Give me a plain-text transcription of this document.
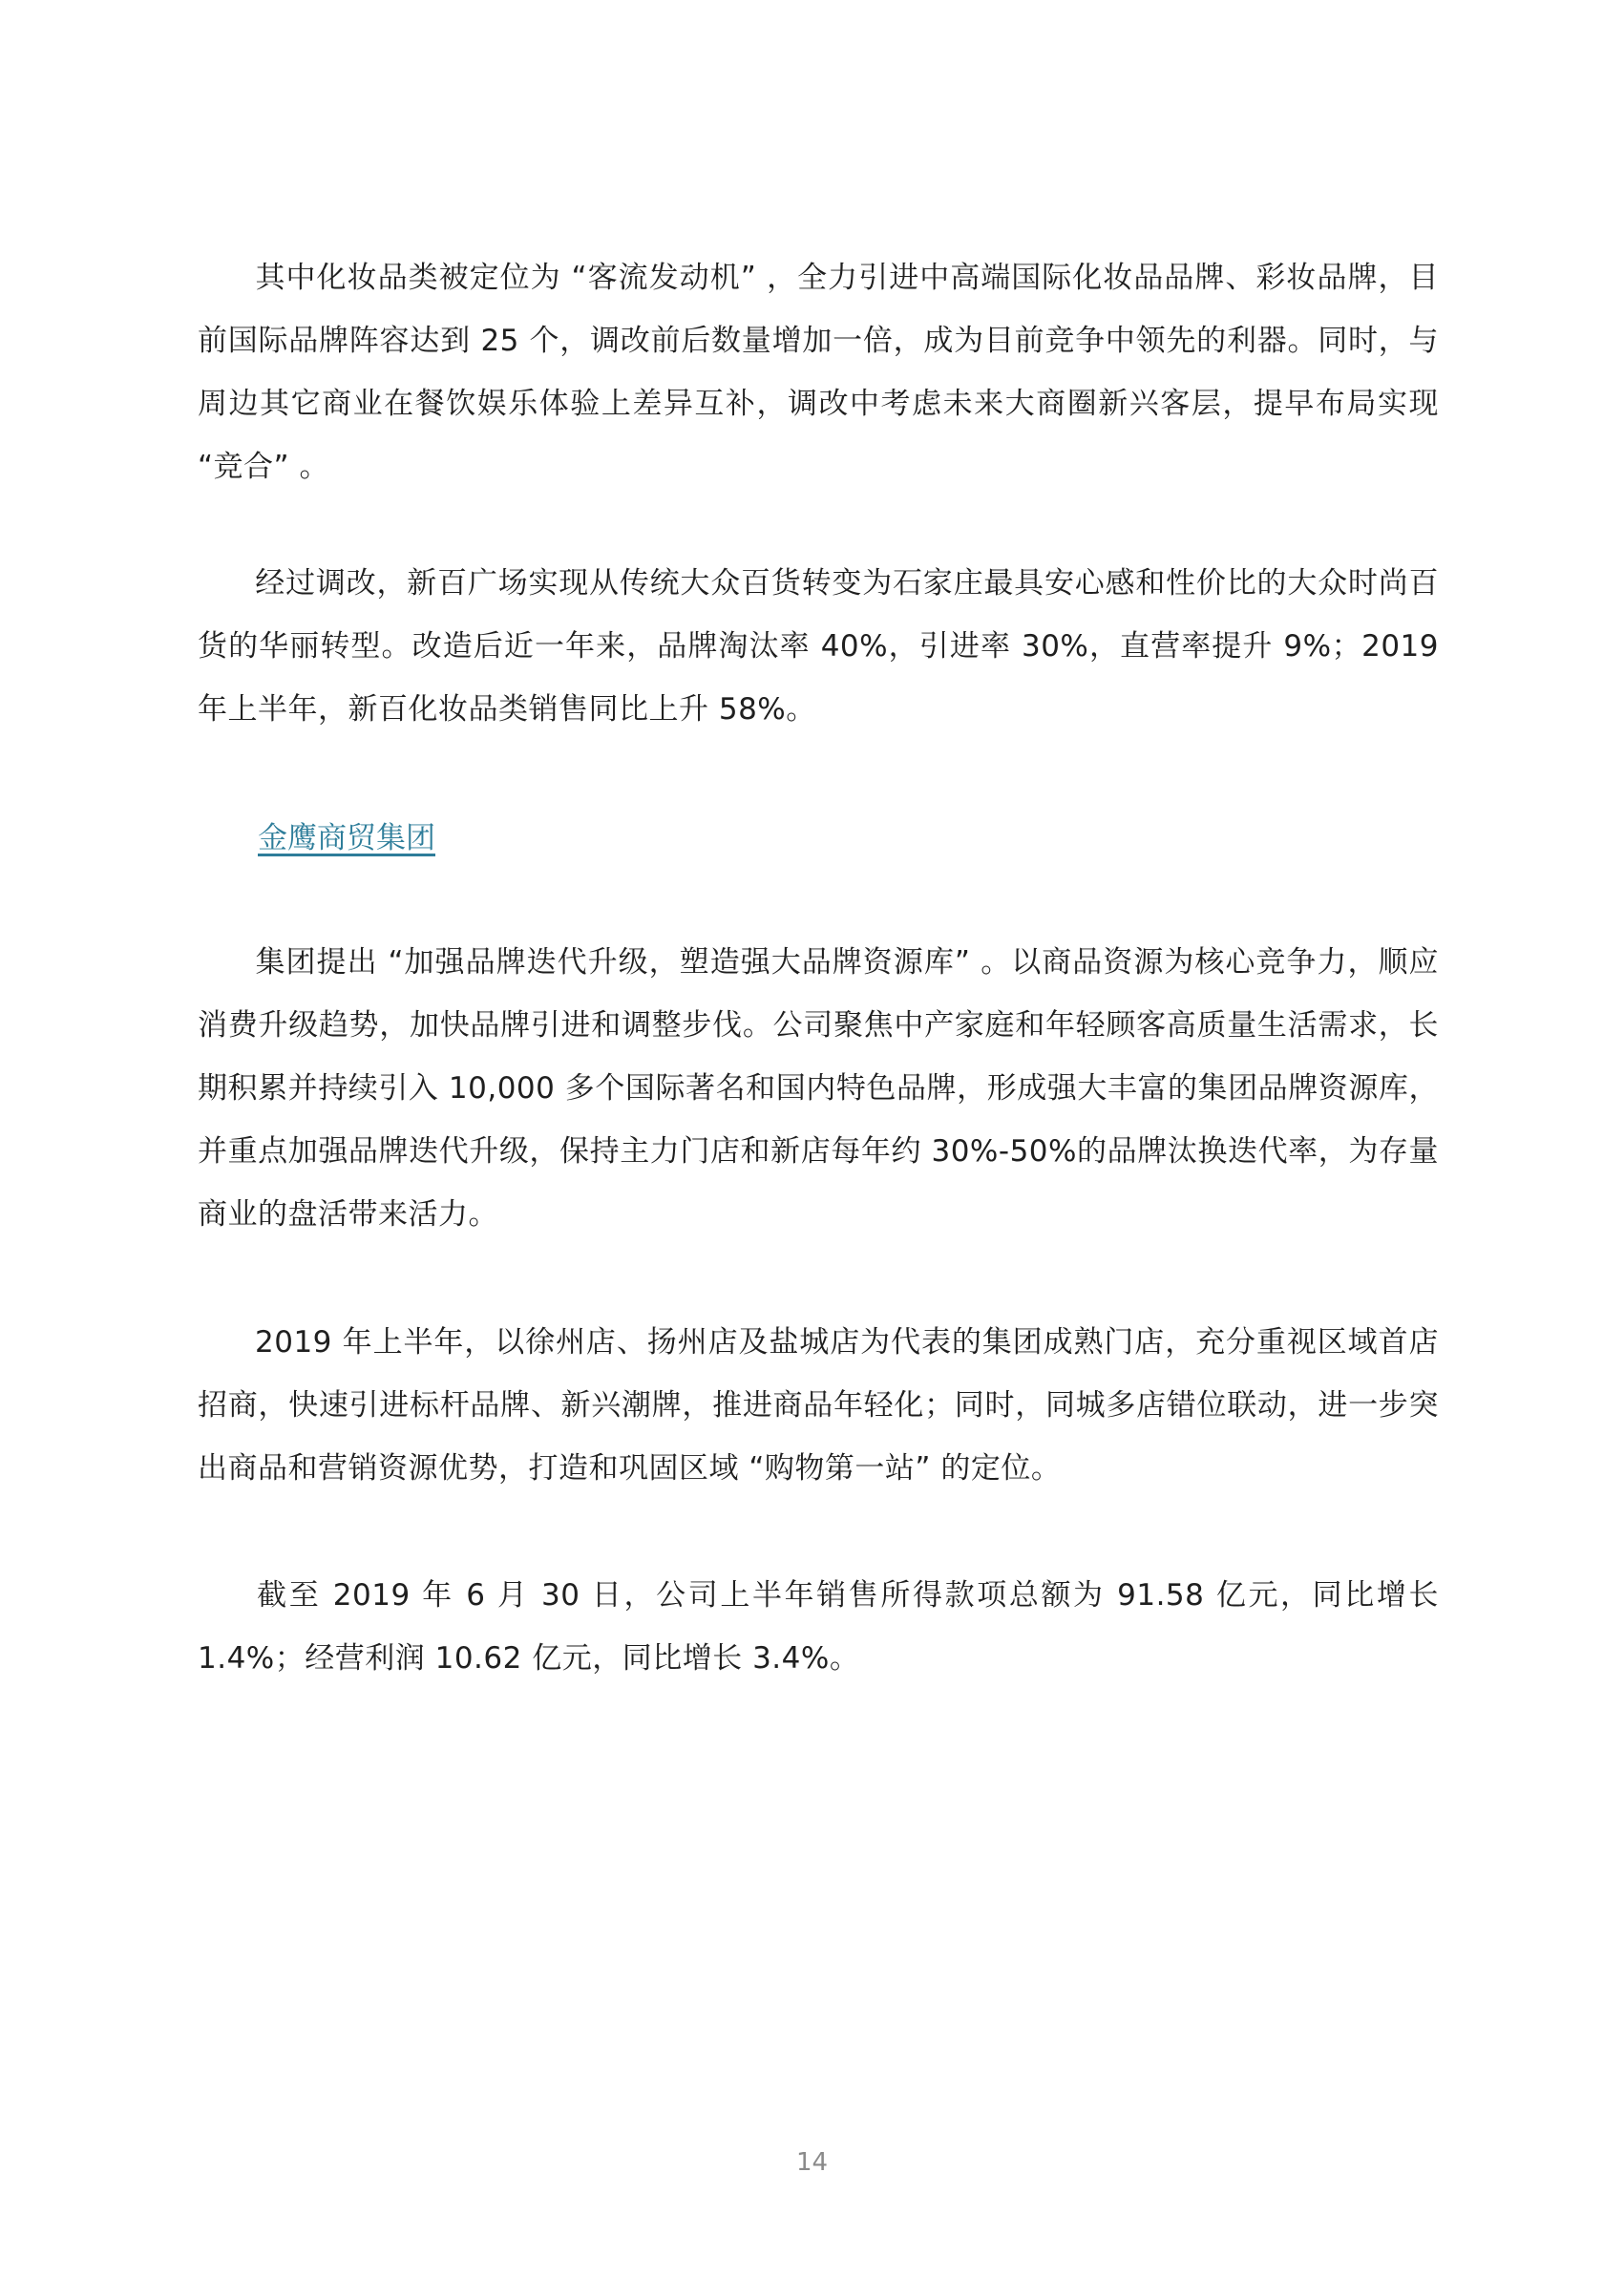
其中化妆品类被定位为 “客流发动机” ，全力引进中高端国际化妆品品牌、彩妆品牌，目前国际品牌阵容达到 25 个，调改前后数量增加一倍，成为目前竞争中领先的利器。同时，与周边其它商业在餐饮娱乐体验上差异互补，调改中考虑未来大商圈新兴客层，提早布局实现 “竞合” 。

经过调改，新百广场实现从传统大众百货转变为石家庄最具安心感和性价比的大众时尚百货的华丽转型。改造后近一年来，品牌淘汰率 40%，引进率 30%，直营率提升 9%；2019 年上半年，新百化妆品类销售同比上升 58%。

金鹰商贸集团

集团提出 “加强品牌迭代升级，塑造强大品牌资源库” 。以商品资源为核心竞争力，顺应消费升级趋势，加快品牌引进和调整步伐。公司聚焦中产家庭和年轻顾客高质量生活需求，长期积累并持续引入 10,000 多个国际著名和国内特色品牌，形成强大丰富的集团品牌资源库，并重点加强品牌迭代升级，保持主力门店和新店每年约 30%-50%的品牌汰换迭代率，为存量商业的盘活带来活力。

2019 年上半年，以徐州店、扬州店及盐城店为代表的集团成熟门店，充分重视区域首店招商，快速引进标杆品牌、新兴潮牌，推进商品年轻化；同时，同城多店错位联动，进一步突出商品和营销资源优势，打造和巩固区域 “购物第一站” 的定位。

截至 2019 年 6 月 30 日，公司上半年销售所得款项总额为 91.58 亿元，同比增长 1.4%；经营利润 10.62 亿元，同比增长 3.4%。

14
